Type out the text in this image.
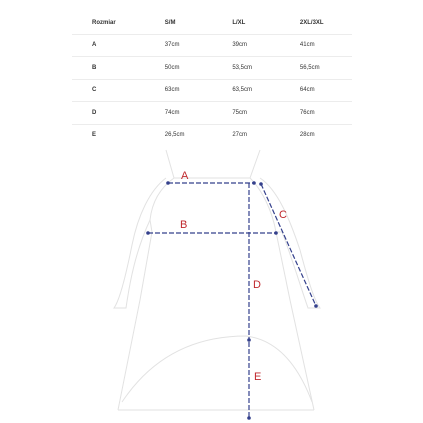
Rozmiar	S/M	L/XL	2XL/3XL
A	37cm	39cm	41cm
B	50cm	53,5cm	56,5cm
C	63cm	63,5cm	64cm
D	74cm	75cm	76cm
E	26,5cm	27cm	28cm
A
B
C
D
E
